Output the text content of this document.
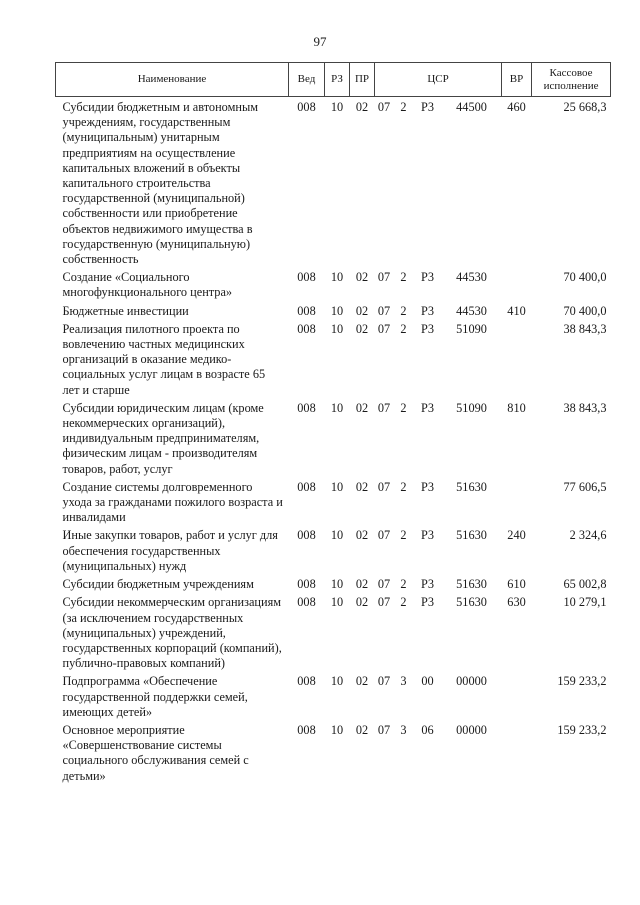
97
Наименование	Вед	РЗ	ПР	ЦСР				ВР	Кассовое исполнение
Субсидии бюджетным и автономным учреждениям, государственным (муниципальным) унитарным предприятиям на осуществление капитальных вложений в объекты капитального строительства государственной (муниципальной) собственности или приобретение объектов недвижимого имущества в государственную (муниципальную) собственность	008	10	02	07	2	Р3	44500	460	25 668,3
Создание «Социального многофункционального центра»	008	10	02	07	2	Р3	44530		70 400,0
Бюджетные инвестиции	008	10	02	07	2	Р3	44530	410	70 400,0
Реализация пилотного проекта по вовлечению частных медицинских организаций в оказание медико-социальных услуг лицам в возрасте 65 лет и старше	008	10	02	07	2	Р3	51090		38 843,3
Субсидии юридическим лицам (кроме некоммерческих организаций), индивидуальным предпринимателям, физическим лицам - производителям товаров, работ, услуг	008	10	02	07	2	Р3	51090	810	38 843,3
Создание системы долговременного ухода за гражданами пожилого возраста и инвалидами	008	10	02	07	2	Р3	51630		77 606,5
Иные закупки товаров, работ и услуг для обеспечения государственных (муниципальных) нужд	008	10	02	07	2	Р3	51630	240	2 324,6
Субсидии бюджетным учреждениям	008	10	02	07	2	Р3	51630	610	65 002,8
Субсидии некоммерческим организациям (за исключением государственных (муниципальных) учреждений, государственных корпораций (компаний), публично-правовых компаний)	008	10	02	07	2	Р3	51630	630	10 279,1
Подпрограмма «Обеспечение государственной поддержки семей, имеющих детей»	008	10	02	07	3	00	00000		159 233,2
Основное мероприятие «Совершенствование системы социального обслуживания семей с детьми»	008	10	02	07	3	06	00000		159 233,2
